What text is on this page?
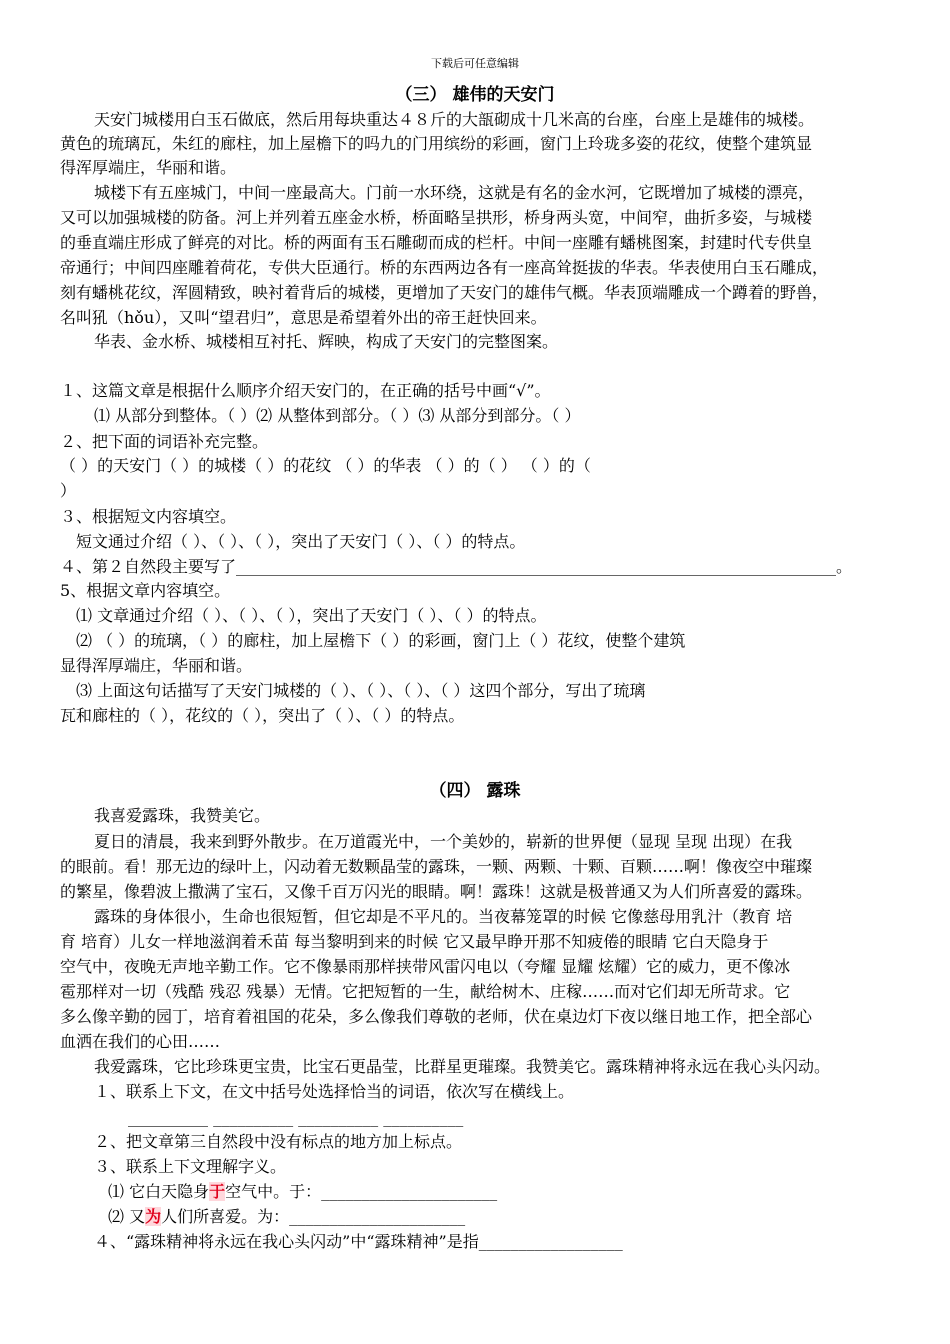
下载后可任意编辑
（三） 雄伟的天安门
天安门城楼用白玉石做底，然后用每块重达４８斤的大瓿砌成十几米高的台座，台座上是雄伟的城楼。
黄色的琉璃瓦，朱红的廊柱，加上屋檐下的吗九的门用缤纷的彩画，窗门上玲珑多姿的花纹，使整个建筑显
得浑厚端庄，华丽和谐。
城楼下有五座城门，中间一座最高大。门前一水环绕，这就是有名的金水河，它既增加了城楼的漂亮，
又可以加强城楼的防备。河上并列着五座金水桥，桥面略呈拱形，桥身两头宽，中间窄，曲折多姿，与城楼
的垂直端庄形成了鲜亮的对比。桥的两面有玉石雕砌而成的栏杆。中间一座雕有蟠桃图案，封建时代专供皇
帝通行；中间四座雕着荷花，专供大臣通行。桥的东西两边各有一座高耸挺拔的华表。华表使用白玉石雕成，
刻有蟠桃花纹，浑圆精致，映衬着背后的城楼，更增加了天安门的雄伟气概。华表顶端雕成一个蹲着的野兽，
名叫犼（hǒu），又叫“望君归”，意思是希望着外出的帝王赶快回来。
华表、金水桥、城楼相互衬托、辉映，构成了天安门的完整图案。
１、这篇文章是根据什么顺序介绍天安门的，在正确的括号中画“√”。
⑴ 从部分到整体。（ ）⑵ 从整体到部分。（ ）⑶ 从部分到部分。（ ）
２、把下面的词语补充完整。
（ ）的天安门（ ）的城楼（ ）的花纹 （ ）的华表 （ ）的（ ） （ ）的（
）
３、根据短文内容填空。
短文通过介绍（ ）、（ ）、（ ），突出了天安门（ ）、（ ）的特点。
４、第２自然段主要写了___________________________________________________________________________。
5、根据文章内容填空。
⑴ 文章通过介绍（ ）、（ ）、（ ），突出了天安门（ ）、（ ）的特点。
⑵ （ ）的琉璃，（ ）的廊柱，加上屋檐下（ ）的彩画，窗门上（ ）花纹，使整个建筑
显得浑厚端庄，华丽和谐。
⑶ 上面这句话描写了天安门城楼的（ ）、（ ）、（ ）、（ ）这四个部分，写出了琉璃
瓦和廊柱的（ ），花纹的（ ），突出了（ ）、（ ）的特点。
（四） 露珠
我喜爱露珠，我赞美它。
夏日的清晨，我来到野外散步。在万道霞光中，一个美妙的，崭新的世界便（显现 呈现 出现）在我
的眼前。看！那无边的绿叶上，闪动着无数颗晶莹的露珠，一颗、两颗、十颗、百颗……啊！像夜空中璀璨
的繁星，像碧波上撒满了宝石，又像千百万闪光的眼睛。啊！露珠！这就是极普通又为人们所喜爱的露珠。
露珠的身体很小，生命也很短暂，但它却是不平凡的。当夜幕笼罩的时候 它像慈母用乳汁（教育 培
育 培育）儿女一样地滋润着禾苗 每当黎明到来的时候 它又最早睁开那不知疲倦的眼睛 它白天隐身于
空气中，夜晚无声地辛勤工作。它不像暴雨那样挟带风雷闪电以（夸耀 显耀 炫耀）它的威力，更不像冰
雹那样对一切（残酷 残忍 残暴）无情。它把短暂的一生，献给树木、庄稼……而对它们却无所苛求。它
多么像辛勤的园丁，培育着祖国的花朵，多么像我们尊敬的老师，伏在桌边灯下夜以继日地工作，把全部心
血洒在我们的心田……
我爱露珠，它比珍珠更宝贵，比宝石更晶莹，比群星更璀璨。我赞美它。露珠精神将永远在我心头闪动。
１、联系上下文，在文中括号处选择恰当的词语，依次写在横线上。
__________ __________ __________ __________
２、把文章第三自然段中没有标点的地方加上标点。
３、联系上下文理解字义。
⑴ 它白天隐身于空气中。于：______________________
⑵ 又为人们所喜爱。为：______________________
４、“露珠精神将永远在我心头闪动”中“露珠精神”是指__________________
